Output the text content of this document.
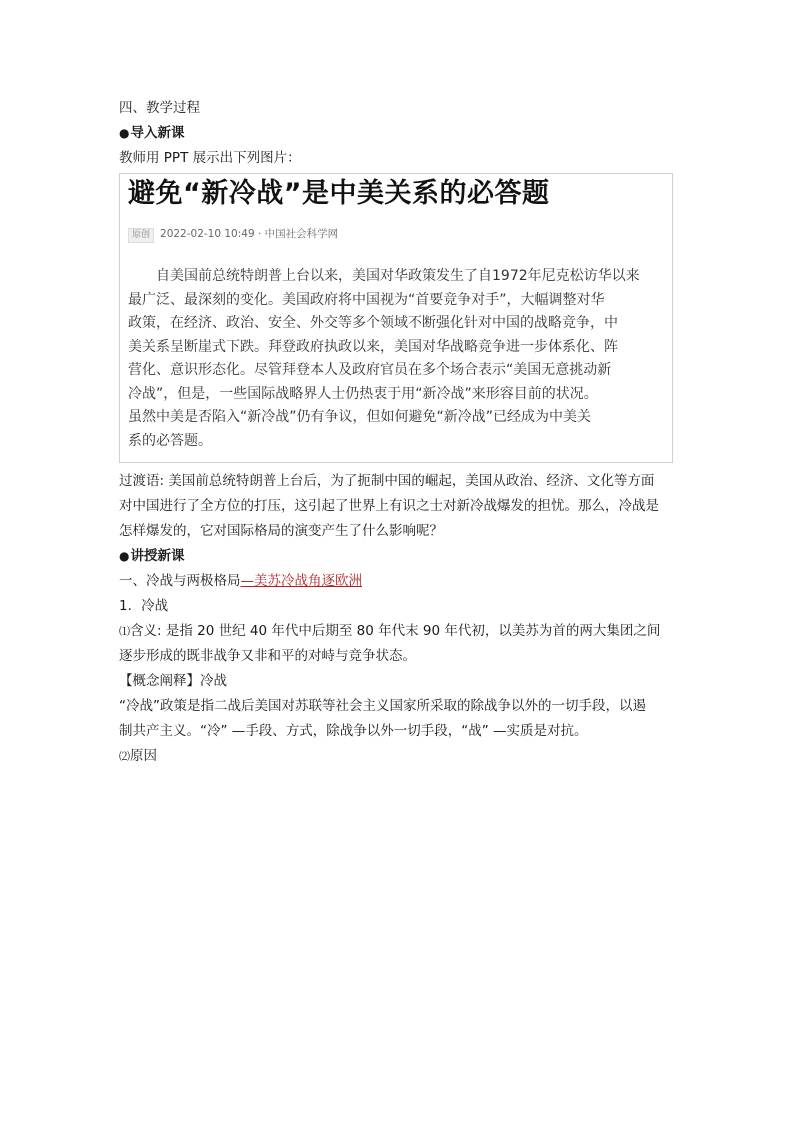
四、教学过程

●导入新课

教师用 PPT 展示出下列图片：

避免“新冷战”是中美关系的必答题
原创 2022-02-10 10:49 · 中国社会科学网

自美国前总统特朗普上台以来，美国对华政策发生了自1972年尼克松访华以来

最广泛、最深刻的变化。美国政府将中国视为“首要竞争对手”，大幅调整对华

政策，在经济、政治、安全、外交等多个领域不断强化针对中国的战略竞争，中

美关系呈断崖式下跌。拜登政府执政以来，美国对华战略竞争进一步体系化、阵

营化、意识形态化。尽管拜登本人及政府官员在多个场合表示“美国无意挑动新

冷战”，但是，一些国际战略界人士仍热衷于用“新冷战”来形容目前的状况。

虽然中美是否陷入“新冷战”仍有争议，但如何避免“新冷战”已经成为中美关

系的必答题。

过渡语: 美国前总统特朗普上台后，为了扼制中国的崛起，美国从政治、经济、文化等方面

对中国进行了全方位的打压，这引起了世界上有识之士对新冷战爆发的担忧。那么，冷战是

怎样爆发的，它对国际格局的演变产生了什么影响呢？

●讲授新课

一、冷战与两极格局—美苏冷战角逐欧洲

1．冷战

⑴含义: 是指 20 世纪 40 年代中后期至 80 年代末 90 年代初，以美苏为首的两大集团之间

逐步形成的既非战争又非和平的对峙与竞争状态。

【概念阐释】冷战

“冷战”政策是指二战后美国对苏联等社会主义国家所采取的除战争以外的一切手段，以遏

制共产主义。“冷” —手段、方式，除战争以外一切手段，“战” —实质是对抗。

⑵原因
